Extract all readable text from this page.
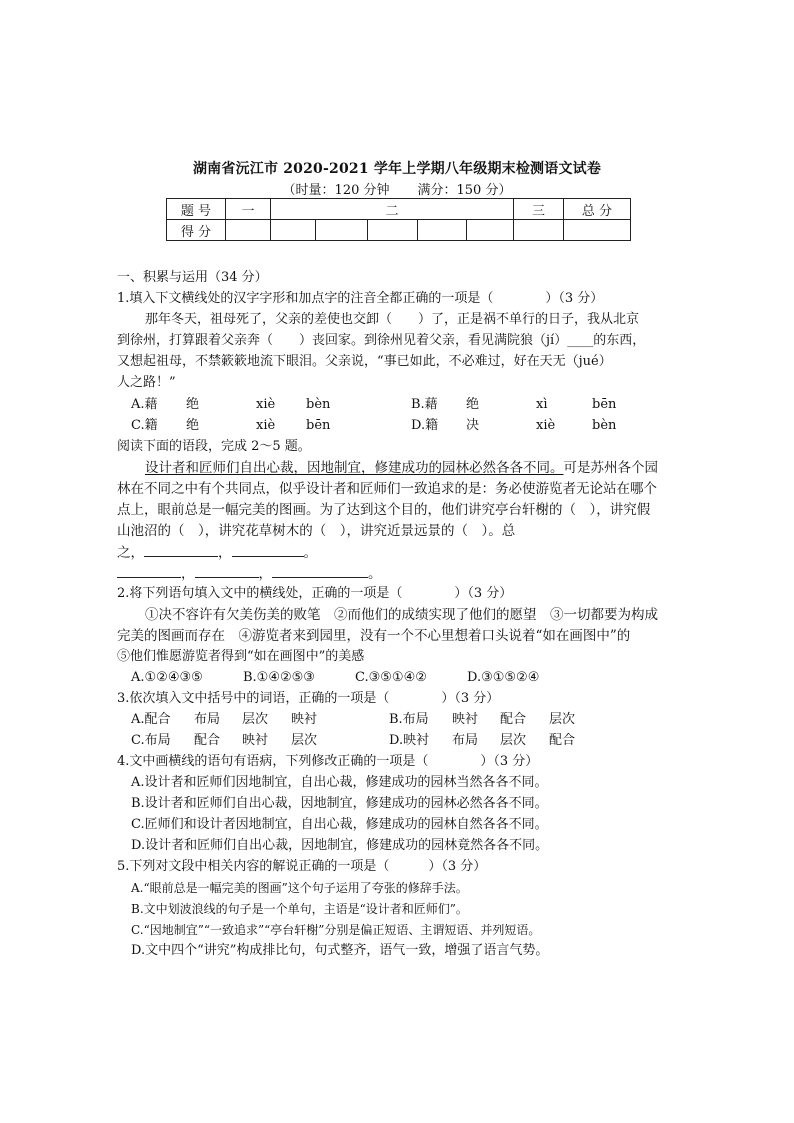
湖南省沅江市 2020-2021 学年上学期八年级期末检测语文试卷
（时量：120 分钟 满分：150 分）
题 号	一	二					三	总 分
得 分								
一、积累与运用（34 分）
1.填入下文横线处的汉字字形和加点字的注音全都正确的一项是（　　　　）（3 分）
那年冬天，祖母死了，父亲的差使也交卸（　　）了，正是祸不单行的日子，我从北京
到徐州，打算跟着父亲奔（　　）丧回家。到徐州见着父亲，看见满院狼（jí）____的东西，
又想起祖母，不禁簌簌地流下眼泪。父亲说，“事已如此，不必难过，好在天无（jué）
人之路！”
A.藉 绝	xiè bèn	B.藉 绝	xì	bēn
C.籍 绝	xiè bēn	D.籍 决	xiè	bèn
阅读下面的语段，完成 2～5 题。
设计者和匠师们自出心裁，因地制宜，修建成功的园林必然各各不同。可是苏州各个园
林在不同之中有个共同点，似乎设计者和匠师们一致追求的是：务必使游览者无论站在哪个
点上，眼前总是一幅完美的图画。为了达到这个目的，他们讲究亭台轩榭的（　），讲究假
山池沼的（　），讲究花草树木的（　），讲究近景远景的（　）。总
之，	，	。
，	，	。
2.将下列语句填入文中的横线处，正确的一项是（　　　　）（3 分）
①决不容许有欠美伤美的败笔　②而他们的成绩实现了他们的愿望　③一切都要为构成
完美的图画而存在　④游览者来到园里，没有一个不心里想着口头说着“如在画图中”的
⑤他们惟愿游览者得到“如在画图中”的美感
A.①②④③⑤	B.①④②⑤③	C.③⑤①④②	D.③①⑤②④
3.依次填入文中括号中的词语，正确的一项是（　　　　）（3 分）
A.配合 布局 层次 映衬	B.布局 映衬 配合 层次
C.布局 配合 映衬 层次	D.映衬 布局 层次 配合
4.文中画横线的语句有语病，下列修改正确的一项是（　　　　）（3 分）
A.设计者和匠师们因地制宜，自出心裁，修建成功的园林当然各各不同。
B.设计者和匠师们自出心裁，因地制宜，修建成功的园林必然各各不同。
C.匠师们和设计者因地制宜，自出心裁，修建成功的园林自然各各不同。
D.设计者和匠师们自出心裁，因地制宜，修建成功的园林竟然各各不同。
5.下列对文段中相关内容的解说正确的一项是（　　　）（3 分）
A.“眼前总是一幅完美的图画”这个句子运用了夸张的修辞手法。
B.文中划波浪线的句子是一个单句，主语是“设计者和匠师们”。
C.“因地制宜”“一致追求”“亭台轩榭”分别是偏正短语、主谓短语、并列短语。
D.文中四个“讲究”构成排比句，句式整齐，语气一致，增强了语言气势。
